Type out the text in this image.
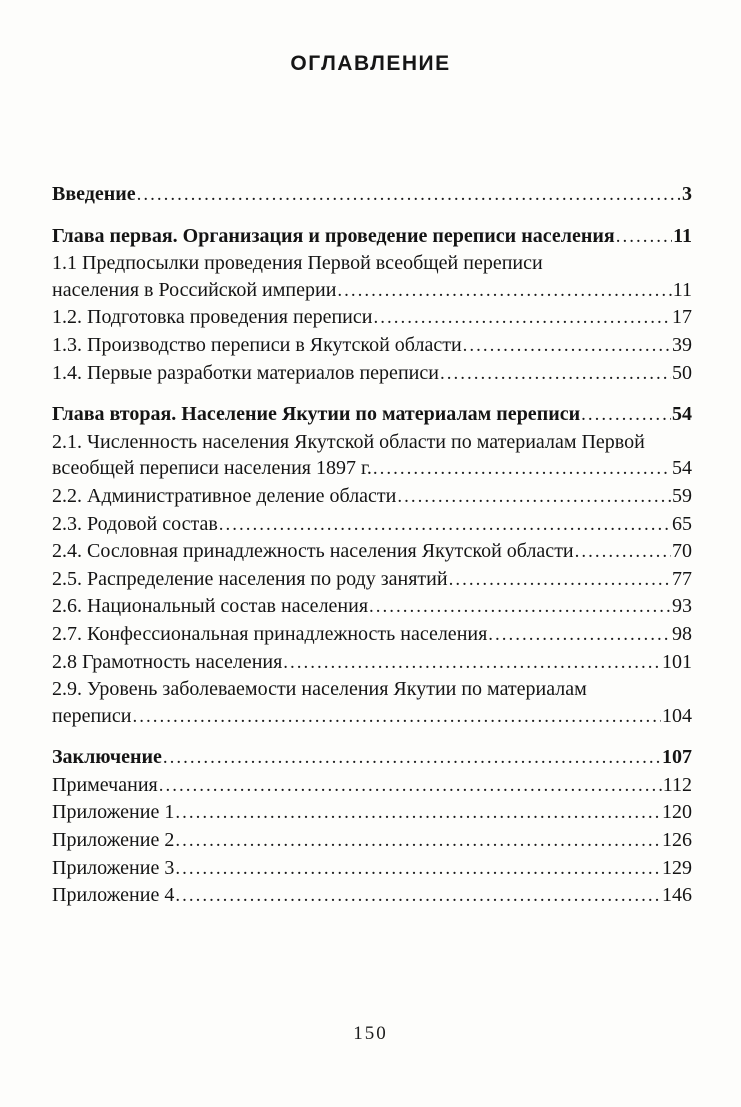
ОГЛАВЛЕНИЕ
Введение .....	3
Глава первая. Организация и проведение переписи населения .....	11
1.1 Предпосылки проведения Первой всеобщей переписи
населения в Российской империи .....	11
1.2. Подготовка проведения переписи .....	17
1.3. Производство переписи в Якутской области .....	39
1.4. Первые разработки материалов переписи .....	50
Глава вторая. Население Якутии по материалам переписи .....	54
2.1. Численность населения Якутской области по материалам Первой
всеобщей переписи населения 1897 г. .....	54
2.2. Административное деление области .....	59
2.3. Родовой состав .....	65
2.4. Сословная принадлежность населения Якутской области .....	70
2.5. Распределение населения по роду занятий .....	77
2.6. Национальный состав населения .....	93
2.7. Конфессиональная принадлежность населения .....	98
2.8 Грамотность населения .....	101
2.9. Уровень заболеваемости населения Якутии по материалам
переписи .....	104
Заключение .....	107
Примечания .....	112
Приложение 1 .....	120
Приложение 2 .....	126
Приложение 3 .....	129
Приложение 4 .....	146
150
